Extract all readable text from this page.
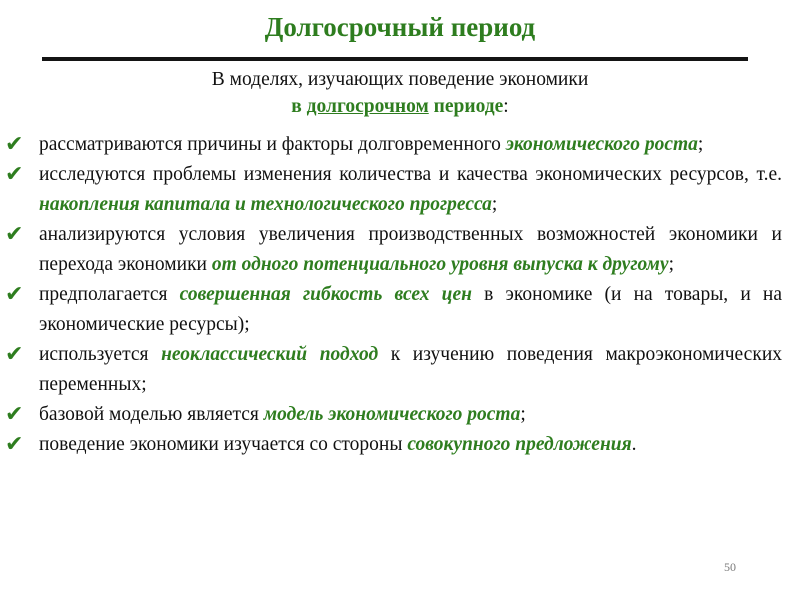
Долгосрочный период
В моделях, изучающих поведение экономики
в долгосрочном периоде:
✔ рассматриваются причины и факторы долговременного экономического роста;
✔ исследуются проблемы изменения количества и качества экономических ресурсов, т.е. накопления капитала и технологического прогресса;
✔ анализируются условия увеличения производственных возможностей экономики и перехода экономики от одного потенциального уровня выпуска к другому;
✔ предполагается совершенная гибкость всех цен в экономике (и на товары, и на экономические ресурсы);
✔ используется неоклассический подход к изучению поведения макроэкономических переменных;
✔ базовой моделью является модель экономического роста;
✔ поведение экономики изучается со стороны совокупного предложения.
50
